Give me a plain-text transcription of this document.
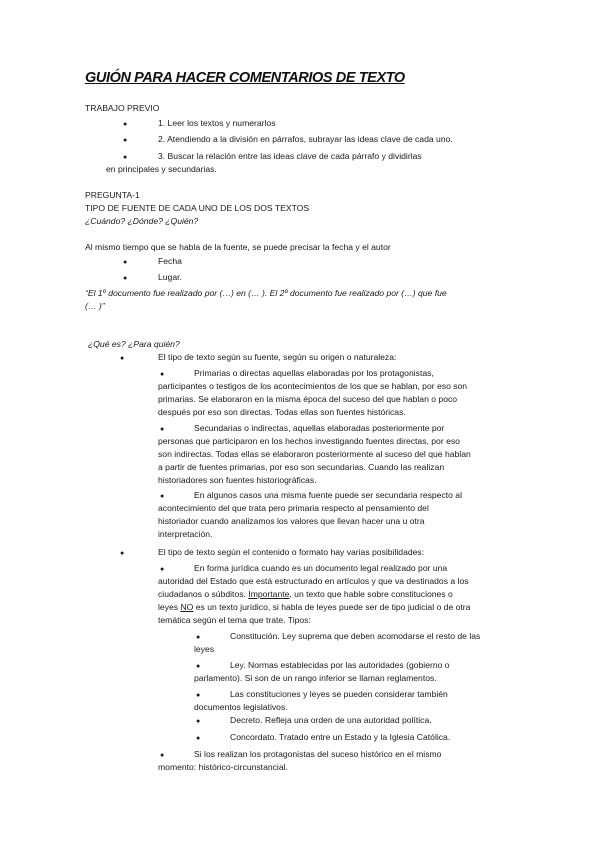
GUIÓN PARA HACER COMENTARIOS DE TEXTO
TRABAJO PREVIO
●	1. Leer los textos y numerarlos
●	2. Atendiendo a la división en párrafos, subrayar las ideas clave de cada uno.
●	3. Buscar la relación entre las ideas clave de cada párrafo y dividirlas
en principales y secundarias.
PREGUNTA-1
TIPO DE FUENTE DE CADA UNO DE LOS DOS TEXTOS
¿Cuándo? ¿Dónde? ¿Quién?
Al mismo tiempo que se habla de la fuente, se puede precisar la fecha y el autor
●	Fecha
●	Lugar.
“El 1º documento fue realizado por (…) en (… ). El 2º documento fue realizado por (…) que fue
(… )”
¿Qué es? ¿Para quién?
●	El tipo de texto según su fuente, según su origen o naturaleza:
●	Primarias o directas aquellas elaboradas por los protagonistas,
participantes o testigos de los acontecimientos de los que se hablan, por eso son
primarias. Se elaboraron en la misma época del suceso del que hablan o poco
después por eso son directas. Todas ellas son fuentes históricas.
●	Secundarias o indirectas, aquellas elaboradas posteriormente por
personas que participaron en los hechos investigando fuentes directas, por eso
son indirectas. Todas ellas se elaboraron posteriormente al suceso del que hablan
a partir de fuentes primarias, por eso son secundarias. Cuando las realizan
historiadores son fuentes historiográficas.
●	En algunos casos una misma fuente puede ser secundaria respecto al
acontecimiento del que trata pero primaria respecto al pensamiento del
historiador cuando analizamos los valores que llevan hacer una u otra
interpretación.
●	El tipo de texto según el contenido o formato hay varias posibilidades:
●	En forma jurídica cuando es un documento legal realizado por una
autoridad del Estado que está estructurado en artículos y que va destinados a los
ciudadanos o súbditos. Importante, un texto que hable sobre constituciones o
leyes NO es un texto jurídico, si habla de leyes puede ser de tipo judicial o de otra
temática según el tema que trate. Tipos:
●	Constitución. Ley suprema que deben acomodarse el resto de las
leyes
●	Ley. Normas establecidas por las autoridades (gobierno o
parlamento). Si son de un rango inferior se llaman reglamentos.
●	Las constituciones y leyes se pueden considerar también
documentos legislativos.
●	Decreto. Refleja una orden de una autoridad política.
●	Concordato. Tratado entre un Estado y la Iglesia Católica.
●	Si los realizan los protagonistas del suceso histórico en el mismo
momento: histórico-circunstancial.
